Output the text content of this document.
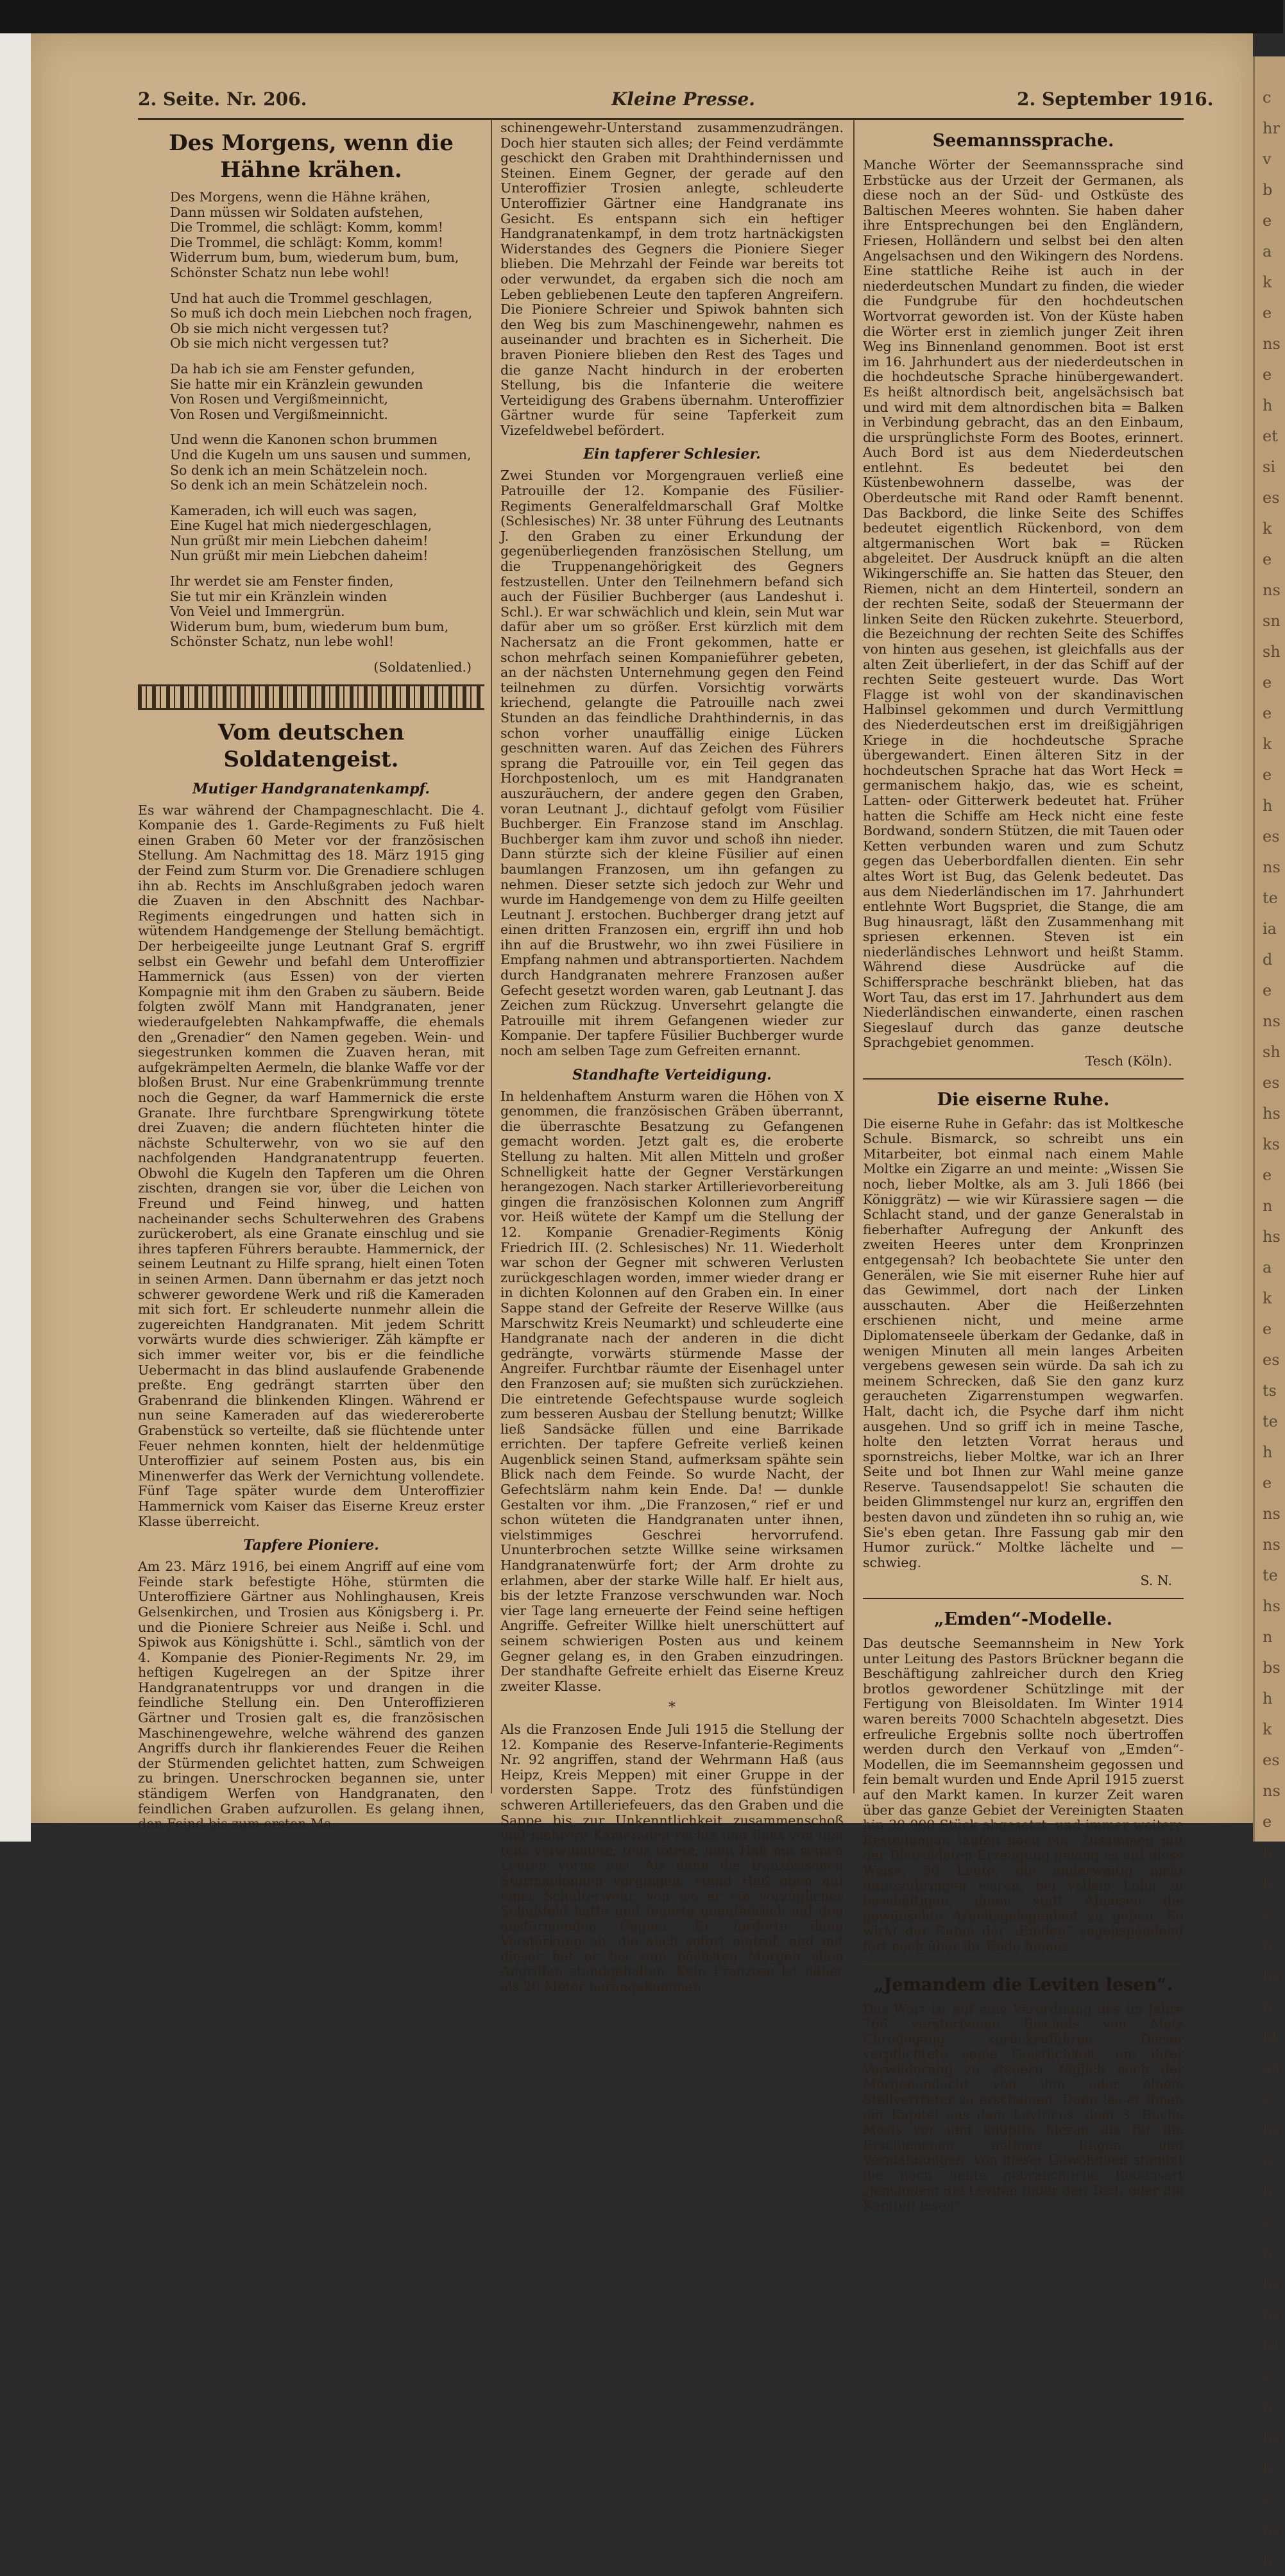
chrvbeakensehetsieskenssnsheekehesnsteiadenssheshsksenhsakeeststehensnstehsnbshkesnsehkenhsnktsnehsiehenhsnstdenhskensh
2. Seite. Nr. 206.	Kleine Presse.	2. September 1916.
Des Morgens, wenn die Hähne krähen.
Des Morgens, wenn die Hähne krähen,
Dann müssen wir Soldaten aufstehen,
Die Trommel, die schlägt: Komm, komm!
Die Trommel, die schlägt: Komm, komm!
Widerrum bum, bum, wiederum bum, bum,
Schönster Schatz nun lebe wohl!
Und hat auch die Trommel geschlagen,
So muß ich doch mein Liebchen noch fragen,
Ob sie mich nicht vergessen tut?
Ob sie mich nicht vergessen tut?
Da hab ich sie am Fenster gefunden,
Sie hatte mir ein Kränzlein gewunden
Von Rosen und Vergißmeinnicht,
Von Rosen und Vergißmeinnicht.
Und wenn die Kanonen schon brummen
Und die Kugeln um uns sausen und summen,
So denk ich an mein Schätzelein noch.
So denk ich an mein Schätzelein noch.
Kameraden, ich will euch was sagen,
Eine Kugel hat mich niedergeschlagen,
Nun grüßt mir mein Liebchen daheim!
Nun grüßt mir mein Liebchen daheim!
Ihr werdet sie am Fenster finden,
Sie tut mir ein Kränzlein winden
Von Veiel und Immergrün.
Widerum bum, bum, wiederum bum bum,
Schönster Schatz, nun lebe wohl!
(Soldatenlied.)
Vom deutschen Soldatengeist.
Mutiger Handgranatenkampf.

Es war während der Champagneschlacht. Die 4. Kompanie des 1. Garde-Regiments zu Fuß hielt einen Graben 60 Meter vor der französischen Stellung. Am Nachmittag des 18. März 1915 ging der Feind zum Sturm vor. Die Grenadiere schlugen ihn ab. Rechts im Anschlußgraben jedoch waren die Zuaven in den Abschnitt des Nachbar-Regiments eingedrungen und hatten sich in wütendem Handgemenge der Stellung bemächtigt. Der herbeigeeilte junge Leutnant Graf S. ergriff selbst ein Gewehr und befahl dem Unteroffizier Hammernick (aus Essen) von der vierten Kompagnie mit ihm den Graben zu säubern. Beide folgten zwölf Mann mit Handgranaten, jener wiederaufgelebten Nahkampfwaffe, die ehemals den „Grenadier“ den Namen gegeben. Wein- und siegestrunken kommen die Zuaven heran, mit aufgekrämpelten Aermeln, die blanke Waffe vor der bloßen Brust. Nur eine Grabenkrümmung trennte noch die Gegner, da warf Hammernick die erste Granate. Ihre furchtbare Sprengwirkung tötete drei Zuaven; die andern flüchteten hinter die nächste Schulterwehr, von wo sie auf den nachfolgenden Handgranatentrupp feuerten. Obwohl die Kugeln den Tapferen um die Ohren zischten, drangen sie vor, über die Leichen von Freund und Feind hinweg, und hatten nacheinander sechs Schulterwehren des Grabens zurückerobert, als eine Granate einschlug und sie ihres tapferen Führers beraubte. Hammernick, der seinem Leutnant zu Hilfe sprang, hielt einen Toten in seinen Armen. Dann übernahm er das jetzt noch schwerer gewordene Werk und riß die Kameraden mit sich fort. Er schleuderte nunmehr allein die zugereichten Handgranaten. Mit jedem Schritt vorwärts wurde dies schwieriger. Zäh kämpfte er sich immer weiter vor, bis er die feindliche Uebermacht in das blind auslaufende Grabenende preßte. Eng gedrängt starrten über den Grabenrand die blinkenden Klingen. Während er nun seine Kameraden auf das wiedereroberte Grabenstück so verteilte, daß sie flüchtende unter Feuer nehmen konnten, hielt der heldenmütige Unteroffizier auf seinem Posten aus, bis ein Minenwerfer das Werk der Vernichtung vollendete. Fünf Tage später wurde dem Unteroffizier Hammernick vom Kaiser das Eiserne Kreuz erster Klasse überreicht.

Tapfere Pioniere.

Am 23. März 1916, bei einem Angriff auf eine vom Feinde stark befestigte Höhe, stürmten die Unteroffiziere Gärtner aus Nohlinghausen, Kreis Gelsenkirchen, und Trosien aus Königsberg i. Pr. und die Pioniere Schreier aus Neiße i. Schl. und Spiwok aus Königshütte i. Schl., sämtlich von der 4. Kompanie des Pionier-Regiments Nr. 29, im heftigen Kugelregen an der Spitze ihrer Handgranatentrupps vor und drangen in die feindliche Stellung ein. Den Unteroffizieren Gärtner und Trosien galt es, die französischen Maschinengewehre, welche während des ganzen Angriffs durch ihr flankierendes Feuer die Reihen der Stürmenden gelichtet hatten, zum Schweigen zu bringen. Unerschrocken begannen sie, unter ständigem Werfen von Handgranaten, den feindlichen Graben aufzurollen. Es gelang ihnen, den Feind bis zum ersten Ma-

schinengewehr-Unterstand zusammenzudrängen. Doch hier stauten sich alles; der Feind verdämmte geschickt den Graben mit Drahthindernissen und Steinen. Einem Gegner, der gerade auf den Unteroffizier Trosien anlegte, schleuderte Unteroffizier Gärtner eine Handgranate ins Gesicht. Es entspann sich ein heftiger Handgranatenkampf, in dem trotz hartnäckigsten Widerstandes des Gegners die Pioniere Sieger blieben. Die Mehrzahl der Feinde war bereits tot oder verwundet, da ergaben sich die noch am Leben gebliebenen Leute den tapferen Angreifern. Die Pioniere Schreier und Spiwok bahnten sich den Weg bis zum Maschinengewehr, nahmen es auseinander und brachten es in Sicherheit. Die braven Pioniere blieben den Rest des Tages und die ganze Nacht hindurch in der eroberten Stellung, bis die Infanterie die weitere Verteidigung des Grabens übernahm. Unteroffizier Gärtner wurde für seine Tapferkeit zum Vizefeldwebel befördert.

Ein tapferer Schlesier.

Zwei Stunden vor Morgengrauen verließ eine Patrouille der 12. Kompanie des Füsilier-Regiments Generalfeldmarschall Graf Moltke (Schlesisches) Nr. 38 unter Führung des Leutnants J. den Graben zu einer Erkundung der gegenüberliegenden französischen Stellung, um die Truppenangehörigkeit des Gegners festzustellen. Unter den Teilnehmern befand sich auch der Füsilier Buchberger (aus Landeshut i. Schl.). Er war schwächlich und klein, sein Mut war dafür aber um so größer. Erst kürzlich mit dem Nachersatz an die Front gekommen, hatte er schon mehrfach seinen Kompanieführer gebeten, an der nächsten Unternehmung gegen den Feind teilnehmen zu dürfen. Vorsichtig vorwärts kriechend, gelangte die Patrouille nach zwei Stunden an das feindliche Drahthindernis, in das schon vorher unauffällig einige Lücken geschnitten waren. Auf das Zeichen des Führers sprang die Patrouille vor, ein Teil gegen das Horchpostenloch, um es mit Handgranaten auszuräuchern, der andere gegen den Graben, voran Leutnant J., dichtauf gefolgt vom Füsilier Buchberger. Ein Franzose stand im Anschlag. Buchberger kam ihm zuvor und schoß ihn nieder. Dann stürzte sich der kleine Füsilier auf einen baumlangen Franzosen, um ihn gefangen zu nehmen. Dieser setzte sich jedoch zur Wehr und wurde im Handgemenge von dem zu Hilfe geeilten Leutnant J. erstochen. Buchberger drang jetzt auf einen dritten Franzosen ein, ergriff ihn und hob ihn auf die Brustwehr, wo ihn zwei Füsiliere in Empfang nahmen und abtransportierten. Nachdem durch Handgranaten mehrere Franzosen außer Gefecht gesetzt worden waren, gab Leutnant J. das Zeichen zum Rückzug. Unversehrt gelangte die Patrouille mit ihrem Gefangenen wieder zur Kompanie. Der tapfere Füsilier Buchberger wurde noch am selben Tage zum Gefreiten ernannt.

Standhafte Verteidigung.

In heldenhaftem Ansturm waren die Höhen von X genommen, die französischen Gräben überrannt, die überraschte Besatzung zu Gefangenen gemacht worden. Jetzt galt es, die eroberte Stellung zu halten. Mit allen Mitteln und großer Schnelligkeit hatte der Gegner Verstärkungen herangezogen. Nach starker Artillerievorbereitung gingen die französischen Kolonnen zum Angriff vor. Heiß wütete der Kampf um die Stellung der 12. Kompanie Grenadier-Regiments König Friedrich III. (2. Schlesisches) Nr. 11. Wiederholt war schon der Gegner mit schweren Verlusten zurückgeschlagen worden, immer wieder drang er in dichten Kolonnen auf den Graben ein. In einer Sappe stand der Gefreite der Reserve Willke (aus Marschwitz Kreis Neumarkt) und schleuderte eine Handgranate nach der anderen in die dicht gedrängte, vorwärts stürmende Masse der Angreifer. Furchtbar räumte der Eisenhagel unter den Franzosen auf; sie mußten sich zurückziehen. Die eintretende Gefechtspause wurde sogleich zum besseren Ausbau der Stellung benutzt; Willke ließ Sandsäcke füllen und eine Barrikade errichten. Der tapfere Gefreite verließ keinen Augenblick seinen Stand, aufmerksam spähte sein Blick nach dem Feinde. So wurde Nacht, der Gefechtslärm nahm kein Ende. Da! — dunkle Gestalten vor ihm. „Die Franzosen,“ rief er und schon wüteten die Handgranaten unter ihnen, vielstimmiges Geschrei hervorrufend. Ununterbrochen setzte Willke seine wirksamen Handgranatenwürfe fort; der Arm drohte zu erlahmen, aber der starke Wille half. Er hielt aus, bis der letzte Franzose verschwunden war. Noch vier Tage lang erneuerte der Feind seine heftigen Angriffe. Gefreiter Willke hielt unerschüttert auf seinem schwierigen Posten aus und keinem Gegner gelang es, in den Graben einzudringen. Der standhafte Gefreite erhielt das Eiserne Kreuz zweiter Klasse.

*

Als die Franzosen Ende Juli 1915 die Stellung der 12. Kompanie des Reserve-Infanterie-Regiments Nr. 92 angriffen, stand der Wehrmann Haß (aus Heipz, Kreis Meppen) mit einer Gruppe in der vordersten Sappe. Trotz des fünfstündigen schweren Artilleriefeuers, das den Graben und die Sappe bis zur Unkenntlichkeit zusammenschoß und mehrere Kameraden rechts und links von ihm teils verwundete, teils tötete, hielt Haß mit seinen Leuten vorne aus. Als dann die französischen Sturmkolonnen vorgingen, stand Haß oben auf einer Schulterwehr, von wo er ein vorzügliches Schußfeld hatte und feuerte unaufhörlich auf den anstürmenden Gegner. Er forderte dann Verstärkung an, die auch sofort eintraf, und mit dieser hat er bis zum nächsten Morgen allen Angriffen standgehalten. Kein Franzose ist näher als 20 Meter herangekommen.

Seemannssprache.

Manche Wörter der Seemannssprache sind Erbstücke aus der Urzeit der Germanen, als diese noch an der Süd- und Ostküste des Baltischen Meeres wohnten. Sie haben daher ihre Entsprechungen bei den Engländern, Friesen, Holländern und selbst bei den alten Angelsachsen und den Wikingern des Nordens. Eine stattliche Reihe ist auch in der niederdeutschen Mundart zu finden, die wieder die Fundgrube für den hochdeutschen Wortvorrat geworden ist. Von der Küste haben die Wörter erst in ziemlich junger Zeit ihren Weg ins Binnenland genommen. Boot ist erst im 16. Jahrhundert aus der niederdeutschen in die hochdeutsche Sprache hinübergewandert. Es heißt altnordisch beit, angelsächsisch bat und wird mit dem altnordischen bita = Balken in Verbindung gebracht, das an den Einbaum, die ursprünglichste Form des Bootes, erinnert. Auch Bord ist aus dem Niederdeutschen entlehnt. Es bedeutet bei den Küstenbewohnern dasselbe, was der Oberdeutsche mit Rand oder Ramft benennt. Das Backbord, die linke Seite des Schiffes bedeutet eigentlich Rückenbord, von dem altgermanischen Wort bak = Rücken abgeleitet. Der Ausdruck knüpft an die alten Wikingerschiffe an. Sie hatten das Steuer, den Riemen, nicht an dem Hinterteil, sondern an der rechten Seite, sodaß der Steuermann der linken Seite den Rücken zukehrte. Steuerbord, die Bezeichnung der rechten Seite des Schiffes von hinten aus gesehen, ist gleichfalls aus der alten Zeit überliefert, in der das Schiff auf der rechten Seite gesteuert wurde. Das Wort Flagge ist wohl von der skandinavischen Halbinsel gekommen und durch Vermittlung des Niederdeutschen erst im dreißigjährigen Kriege in die hochdeutsche Sprache übergewandert. Einen älteren Sitz in der hochdeutschen Sprache hat das Wort Heck = germanischem hakjo, das, wie es scheint, Latten- oder Gitterwerk bedeutet hat. Früher hatten die Schiffe am Heck nicht eine feste Bordwand, sondern Stützen, die mit Tauen oder Ketten verbunden waren und zum Schutz gegen das Ueberbordfallen dienten. Ein sehr altes Wort ist Bug, das Gelenk bedeutet. Das aus dem Niederländischen im 17. Jahrhundert entlehnte Wort Bugspriet, die Stange, die am Bug hinausragt, läßt den Zusammenhang mit spriesen erkennen. Steven ist ein niederländisches Lehnwort und heißt Stamm. Während diese Ausdrücke auf die Schiffersprache beschränkt blieben, hat das Wort Tau, das erst im 17. Jahrhundert aus dem Niederländischen einwanderte, einen raschen Siegeslauf durch das ganze deutsche Sprachgebiet genommen.

Tesch (Köln).
Die eiserne Ruhe.

Die eiserne Ruhe in Gefahr: das ist Moltkesche Schule. Bismarck, so schreibt uns ein Mitarbeiter, bot einmal nach einem Mahle Moltke ein Zigarre an und meinte: „Wissen Sie noch, lieber Moltke, als am 3. Juli 1866 (bei Königgrätz) — wie wir Kürassiere sagen — die Schlacht stand, und der ganze Generalstab in fieberhafter Aufregung der Ankunft des zweiten Heeres unter dem Kronprinzen entgegensah? Ich beobachtete Sie unter den Generälen, wie Sie mit eiserner Ruhe hier auf das Gewimmel, dort nach der Linken ausschauten. Aber die Heißerzehnten erschienen nicht, und meine arme Diplomatenseele überkam der Gedanke, daß in wenigen Minuten all mein langes Arbeiten vergebens gewesen sein würde. Da sah ich zu meinem Schrecken, daß Sie den ganz kurz geraucheten Zigarrenstumpen wegwarfen. Halt, dacht ich, die Psyche darf ihm nicht ausgehen. Und so griff ich in meine Tasche, holte den letzten Vorrat heraus und spornstreichs, lieber Moltke, war ich an Ihrer Seite und bot Ihnen zur Wahl meine ganze Reserve. Tausendsappelot! Sie schauten die beiden Glimmstengel nur kurz an, ergriffen den besten davon und zündeten ihn so ruhig an, wie Sie's eben getan. Ihre Fassung gab mir den Humor zurück.“ Moltke lächelte und — schwieg.

S. N.
„Emden“-Modelle.

Das deutsche Seemannsheim in New York unter Leitung des Pastors Brückner begann die Beschäftigung zahlreicher durch den Krieg brotlos gewordener Schützlinge mit der Fertigung von Bleisoldaten. Im Winter 1914 waren bereits 7000 Schachteln abgesetzt. Dies erfreuliche Ergebnis sollte noch übertroffen werden durch den Verkauf von „Emden“-Modellen, die im Seemannsheim gegossen und fein bemalt wurden und Ende April 1915 zuerst auf den Markt kamen. In kurzer Zeit waren über das ganze Gebiet der Vereinigten Staaten hin 30 000 Stück abgesetzt, und immer weitere Bestellungen laufen noch ein. Zusammen mit der Bleisoldaten-Erzeugung gelang es auf diese Weise, 50 Leute, die anderweitig nicht unterzubringen waren, bei vollem Lohn zu beschäftigen, ihnen statt Almosen die gewünschte Arbeitsgelegenheit zu geben. So wirkt der Ruhm der „Emden“ segenspendend fort noch über ihr Ende hinaus.

„Jemandem die Leviten lesen“.

Das Wort ist auf eine Verordnung des im Jahre 766 verstorbenen Bischofs von Metz Chrodegang zurückzuführen. Dieser verpflichtete seine Geistlichkeit, um ihrer Verwilderung zu steuern, täglich nach der Morgenandacht von ihm oder einem Stellvertreter zu erscheinen. Dann las er ihnen ein Kapitel aus dem Leviticus, dem 3. Buche Mosis vor und knüpfte hieran die für die Erschienenen nötigen Rügen und Vermahnungen. Von dieser Gewohnheit stammt die noch heute gebräuchliche Redensart „jemandem die Leviten (oder den Text, oder die Kapitel) lesen“.
